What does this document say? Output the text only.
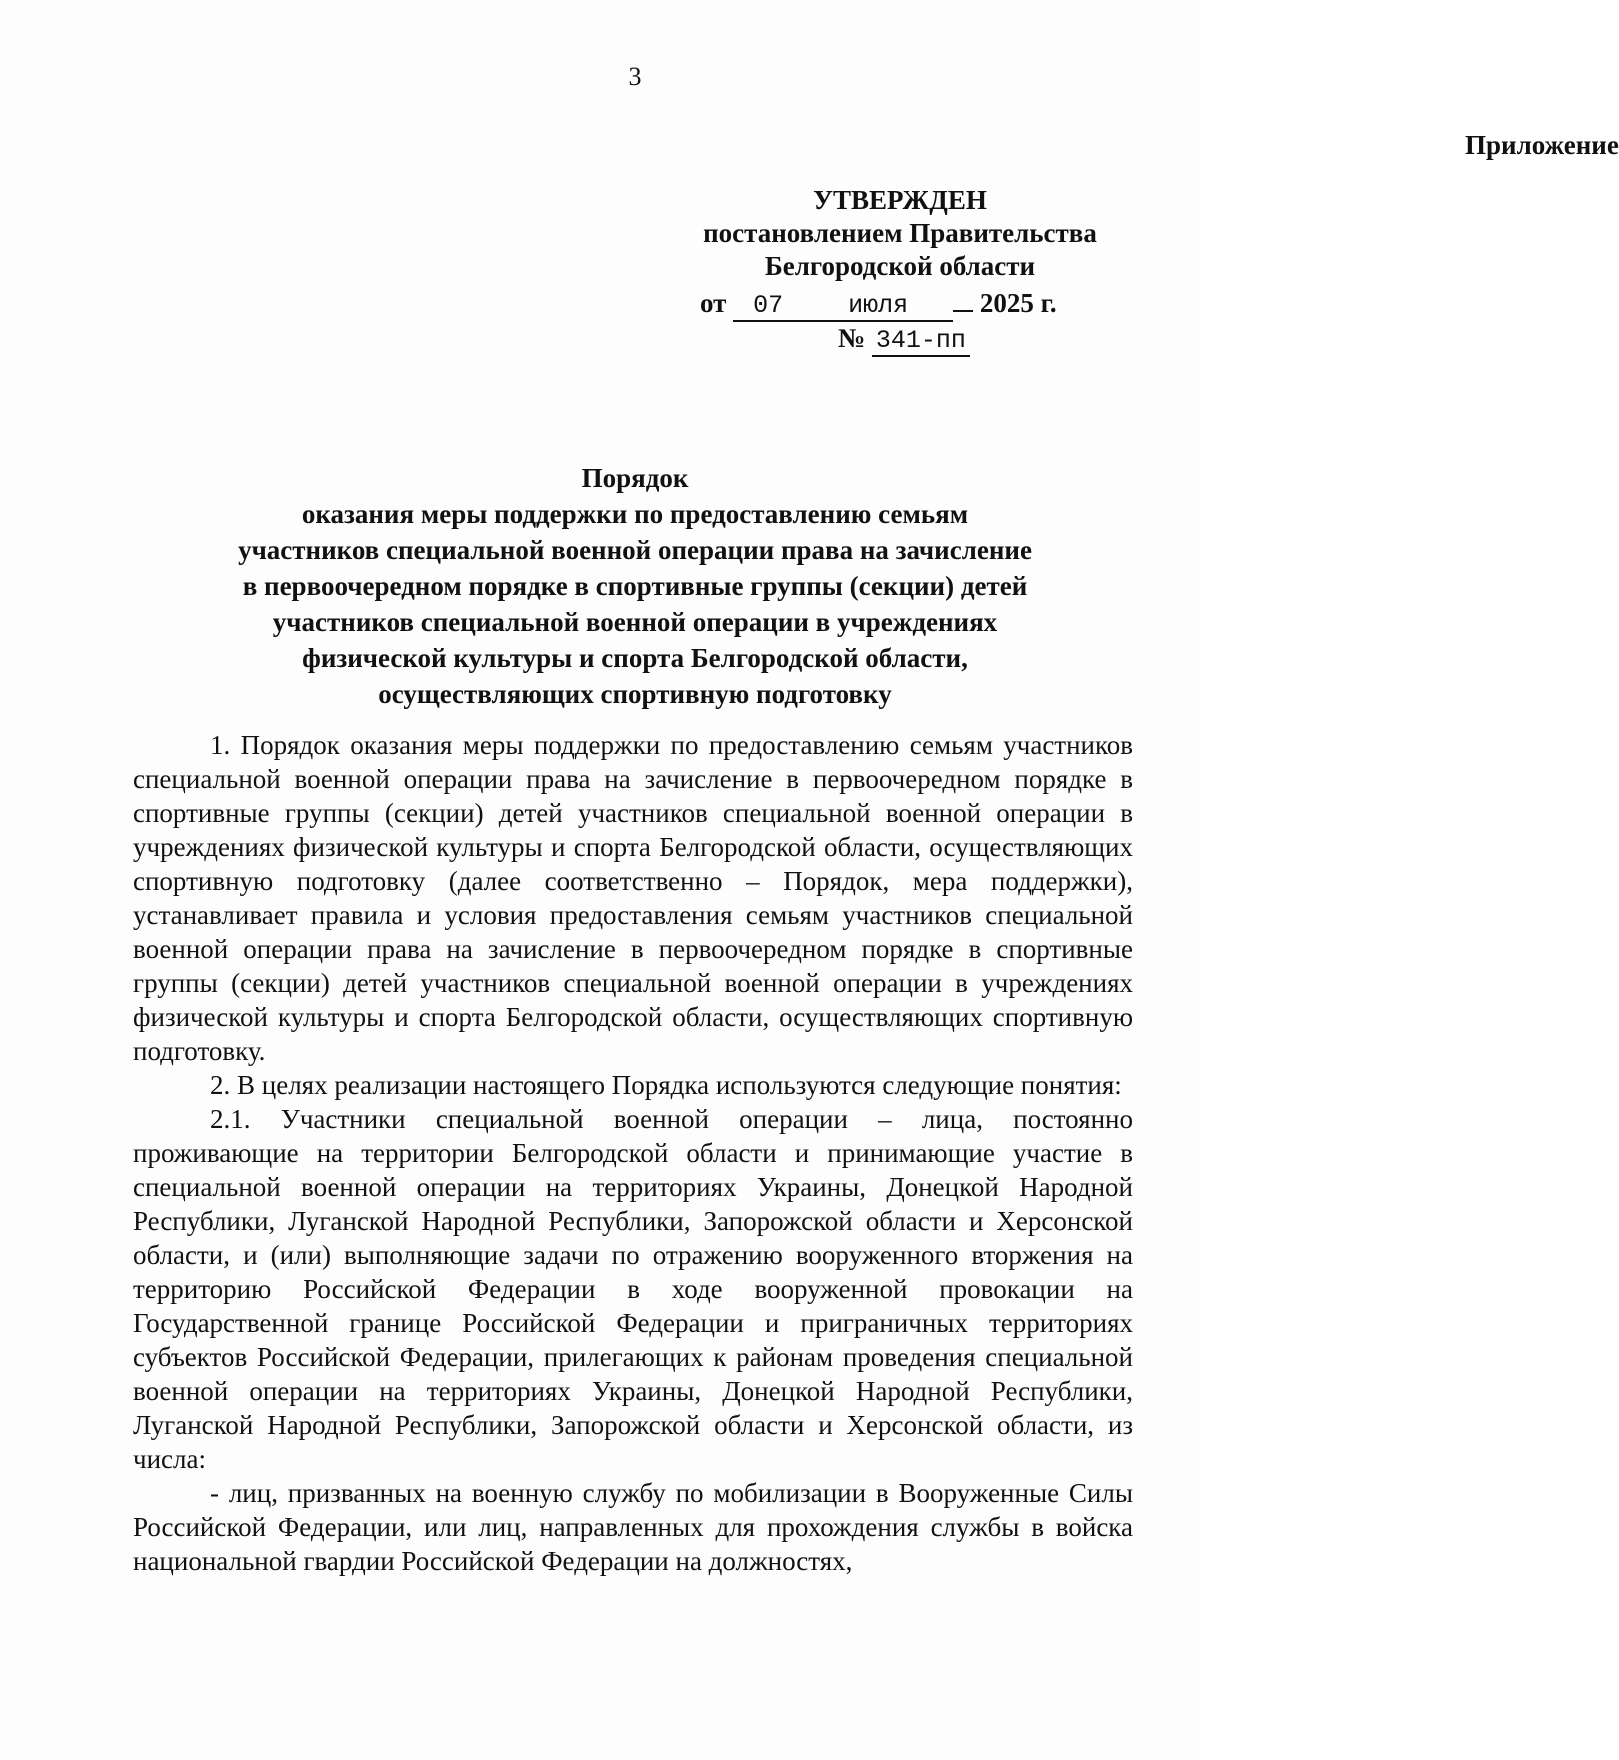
3
Приложение
УТВЕРЖДЕН
постановлением Правительства
Белгородской области
от 07	июля	2025 г.
№ 341-пп
Порядок
оказания меры поддержки по предоставлению семьям
участников специальной военной операции права на зачисление
в первоочередном порядке в спортивные группы (секции) детей
участников специальной военной операции в учреждениях
физической культуры и спорта Белгородской области,
осуществляющих спортивную подготовку

1. Порядок оказания меры поддержки по предоставлению семьям участников специальной военной операции права на зачисление в первоочередном порядке в спортивные группы (секции) детей участников специальной военной операции в учреждениях физической культуры и спорта Белгородской области, осуществляющих спортивную подготовку (далее соответственно – Порядок, мера поддержки), устанавливает правила и условия предоставления семьям участников специальной военной операции права на зачисление в первоочередном порядке в спортивные группы (секции) детей участников специальной военной операции в учреждениях физической культуры и спорта Белгородской области, осуществляющих спортивную подготовку.

2. В целях реализации настоящего Порядка используются следующие понятия:

2.1. Участники специальной военной операции – лица, постоянно проживающие на территории Белгородской области и принимающие участие в специальной военной операции на территориях Украины, Донецкой Народной Республики, Луганской Народной Республики, Запорожской области и Херсонской области, и (или) выполняющие задачи по отражению вооруженного вторжения на территорию Российской Федерации в ходе вооруженной провокации на Государственной границе Российской Федерации и приграничных территориях субъектов Российской Федерации, прилегающих к районам проведения специальной военной операции на территориях Украины, Донецкой Народной Республики, Луганской Народной Республики, Запорожской области и Херсонской области, из числа:

- лиц, призванных на военную службу по мобилизации в Вооруженные Силы Российской Федерации, или лиц, направленных для прохождения службы в войска национальной гвардии Российской Федерации на должностях,
